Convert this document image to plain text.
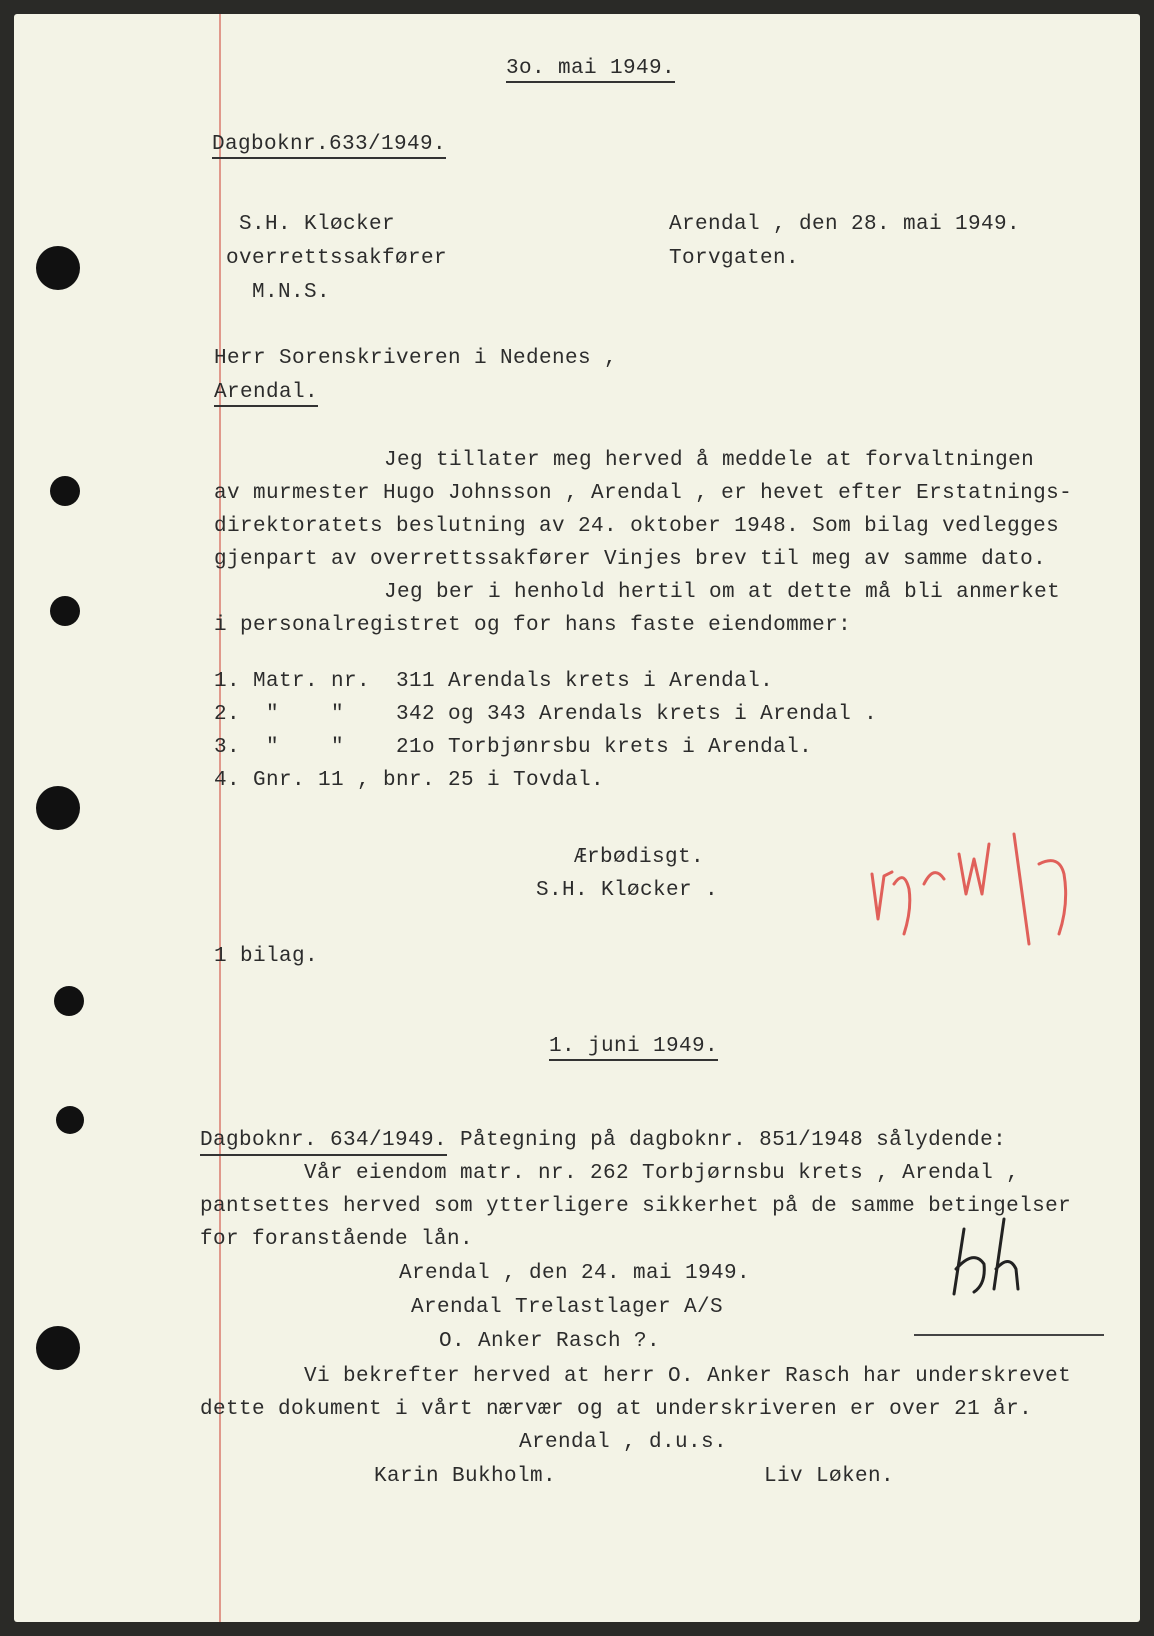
3o. mai 1949.
Dagboknr.633/1949.
S.H. Kløcker
overrettssakfører
M.N.S.
Arendal , den 28. mai 1949.
Torvgaten.
Herr Sorenskriveren i Nedenes ,
Arendal.
Jeg tillater meg herved å meddele at forvaltningen
av murmester Hugo Johnsson , Arendal , er hevet efter Erstatnings-
direktoratets beslutning av 24. oktober 1948. Som bilag vedlegges
gjenpart av overrettssakfører Vinjes brev til meg av samme dato.
Jeg ber i henhold hertil om at dette må bli anmerket
i personalregistret og for hans faste eiendommer:
1. Matr. nr.  311 Arendals krets i Arendal.
2.  "    "    342 og 343 Arendals krets i Arendal .
3.  "    "    21o Torbjønrsbu krets i Arendal.
4. Gnr. 11 , bnr. 25 i Tovdal.
Ærbødisgt.
S.H. Kløcker .
1 bilag.
1. juni 1949.
Dagboknr. 634/1949. Påtegning på dagboknr. 851/1948 sålydende:
Vår eiendom matr. nr. 262 Torbjørnsbu krets , Arendal ,
pantsettes herved som ytterligere sikkerhet på de samme betingelser
for foranstående lån.
Arendal , den 24. mai 1949.
Arendal Trelastlager A/S
O. Anker Rasch ?.
Vi bekrefter herved at herr O. Anker Rasch har underskrevet
dette dokument i vårt nærvær og at underskriveren er over 21 år.
Arendal , d.u.s.
Karin Bukholm.	Liv Løken.
